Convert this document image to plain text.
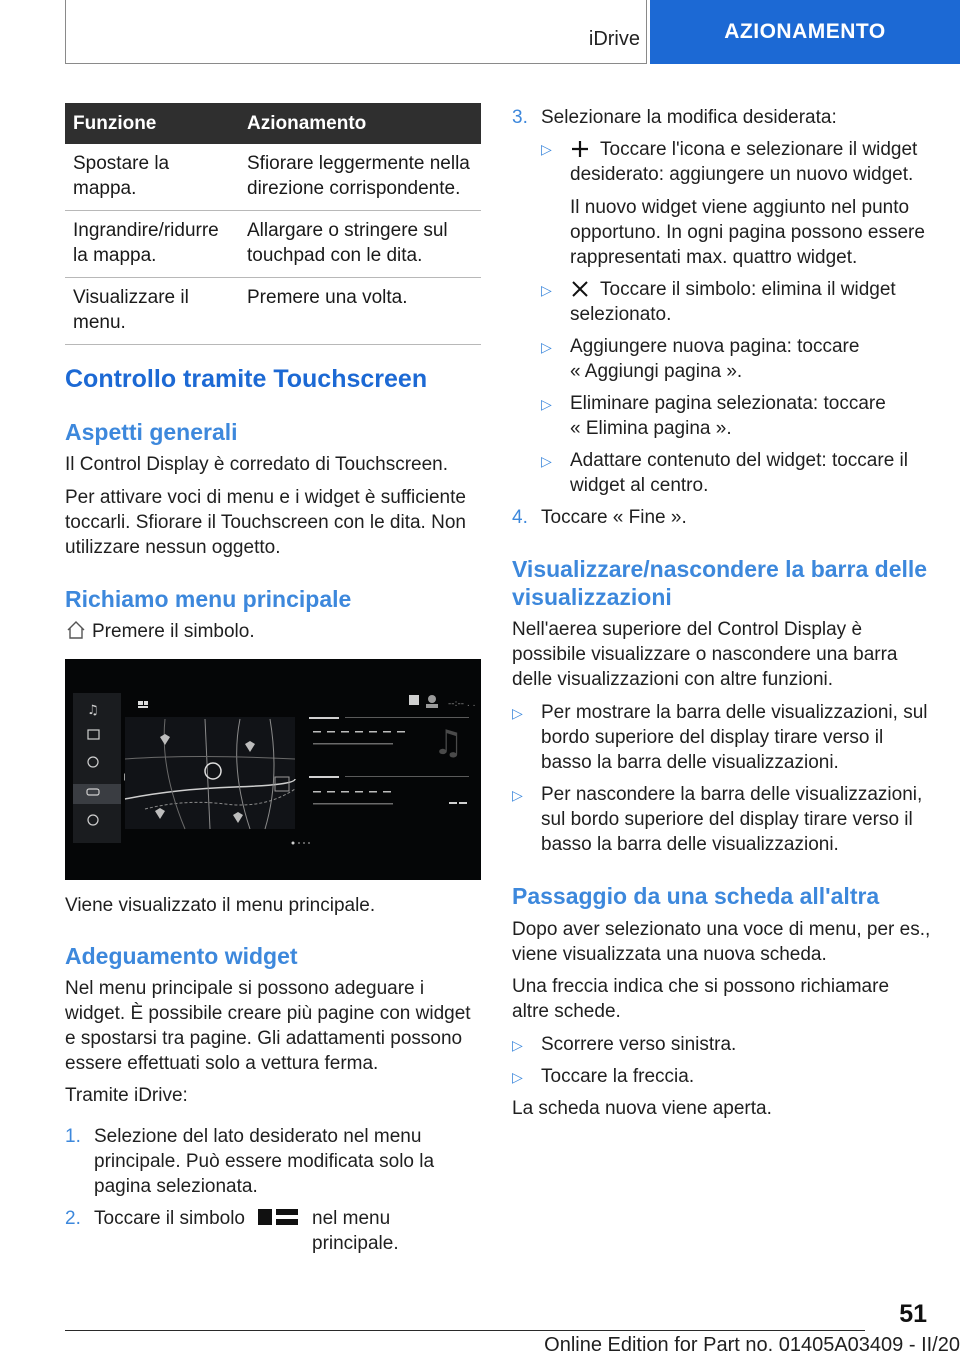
iDrive	AZIONAMENTO
Funzione	Azionamento
Spostare la mappa.	Sfiorare leggermente nella direzione corrispondente.
Ingrandire/ridurre la mappa.	Allargare o stringere sul touchpad con le dita.
Visualizzare il menu.	Premere una volta.
Controllo tramite Touchscreen
Aspetti generali
Il Control Display è corredato di Touchscreen.
Per attivare voci di menu e i widget è sufficiente toccarli. Sfiorare il Touchscreen con le dita. Non utilizzare nessun oggetto.
Richiamo menu principale
Premere il simbolo.
♫	--:-- . .
♫
Viene visualizzato il menu principale.
Adeguamento widget
Nel menu principale si possono adeguare i widget. È possibile creare più pagine con widget e spostarsi tra pagine. Gli adattamenti possono essere effettuati solo a vettura ferma.
Tramite iDrive:
1. Selezione del lato desiderato nel menu principale. Può essere modificata solo la pagina selezionata.
2. Toccare il simbolo	nel menu principale.
3. Selezionare la modifica desiderata:
▷	Toccare l'icona e selezionare il widget desiderato: aggiungere un nuovo widget.
Il nuovo widget viene aggiunto nel punto opportuno. In ogni pagina possono essere rappresentati max. quattro widget.
▷	Toccare il simbolo: elimina il widget selezionato.
▷ Aggiungere nuova pagina: toccare « Aggiungi pagina ».
▷ Eliminare pagina selezionata: toccare « Elimina pagina ».
▷ Adattare contenuto del widget: toccare il widget al centro.
4. Toccare « Fine ».
Visualizzare/nascondere la barra delle visualizzazioni
Nell'aerea superiore del Control Display è possibile visualizzare o nascondere una barra delle visualizzazioni con altre funzioni.
▷ Per mostrare la barra delle visualizzazioni, sul bordo superiore del display tirare verso il basso la barra delle visualizzazioni.
▷ Per nascondere la barra delle visualizzazioni, sul bordo superiore del display tirare verso il basso la barra delle visualizzazioni.
Passaggio da una scheda all'altra
Dopo aver selezionato una voce di menu, per es., viene visualizzata una nuova scheda.
Una freccia indica che si possono richiamare altre schede.
▷ Scorrere verso sinistra.
▷ Toccare la freccia.
La scheda nuova viene aperta.
51
Online Edition for Part no. 01405A03409 - II/20
